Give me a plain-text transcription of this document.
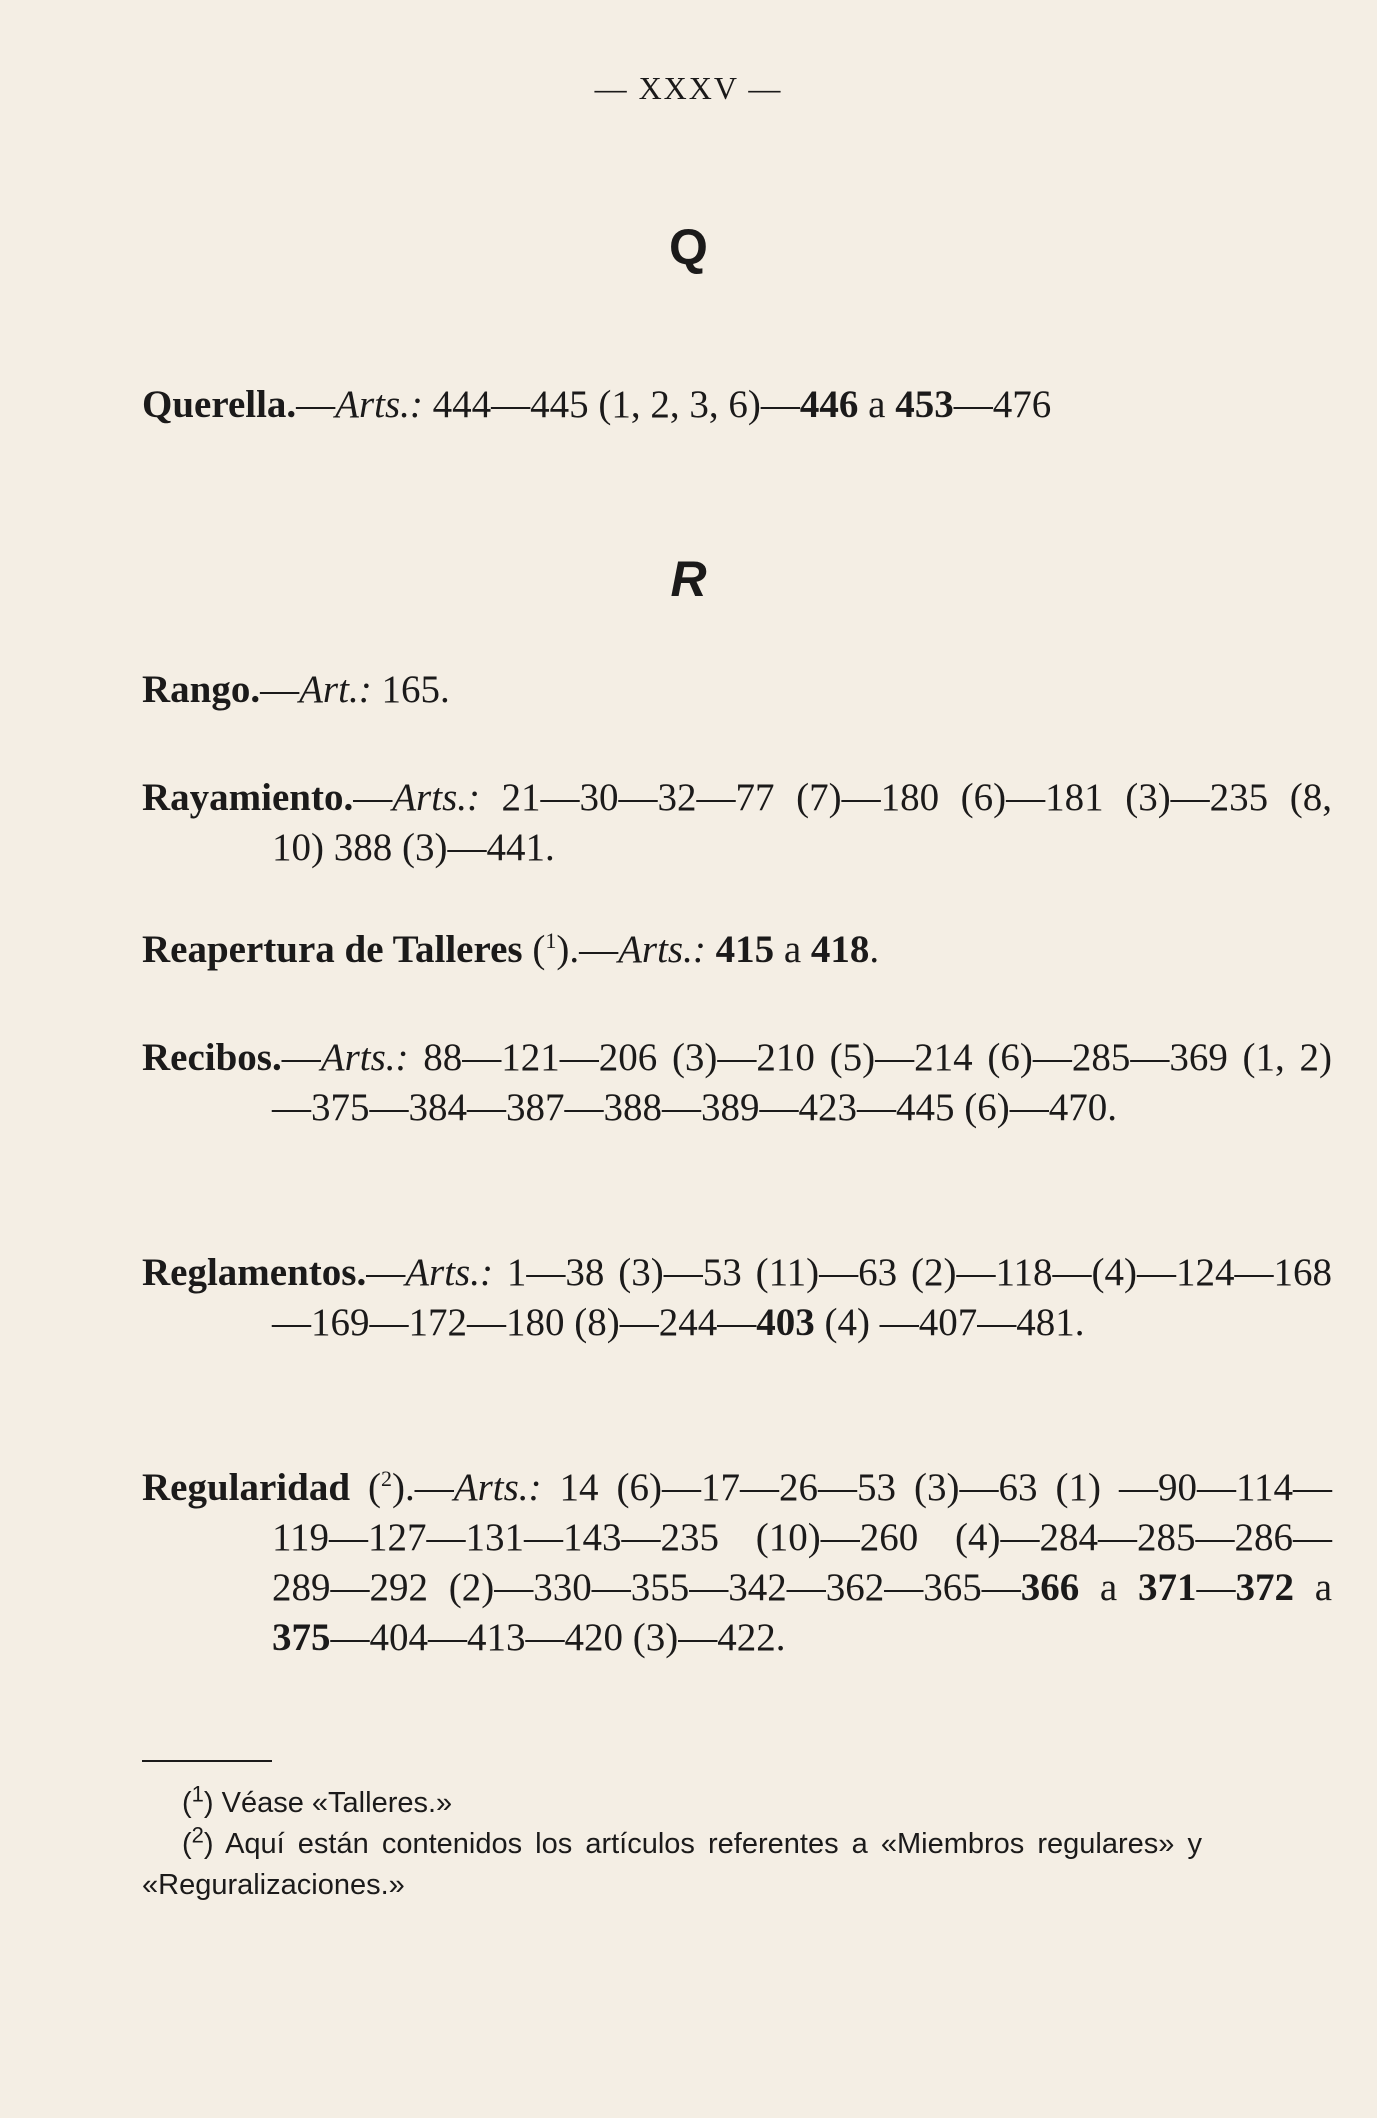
— XXXV —
Q

Querella.—Arts.: 444—445 (1, 2, 3, 6)—446 a 453—476

R

Rango.—Art.: 165.

Rayamiento.—Arts.: 21—30—32—77 (7)—180 (6)—181 (3)—235 (8, 10) 388 (3)—441.

Reapertura de Talleres ($^1$).—Arts.: 415 a 418.

Recibos.—Arts.: 88—121—206 (3)—210 (5)—214 (6)—285—369 (1, 2)—375—384—387—388—389—423—445 (6)—470.

Reglamentos.—Arts.: 1—38 (3)—53 (11)—63 (2)—118—(4)—124—168—169—172—180 (8)—244—403 (4) —407—481.

Regularidad ($^2$).—Arts.: 14 (6)—17—26—53 (3)—63 (1) —90—114—119—127—131—143—235 (10)—260 (4)—284—285—286—289—292 (2)—330—355—342—362—365—366 a 371—372 a 375—404—413—420 (3)—422.

($^1$) Véase «Talleres.»

($^2$) Aquí están contenidos los artículos referentes a «Miembros regulares» y «Reguralizaciones.»
